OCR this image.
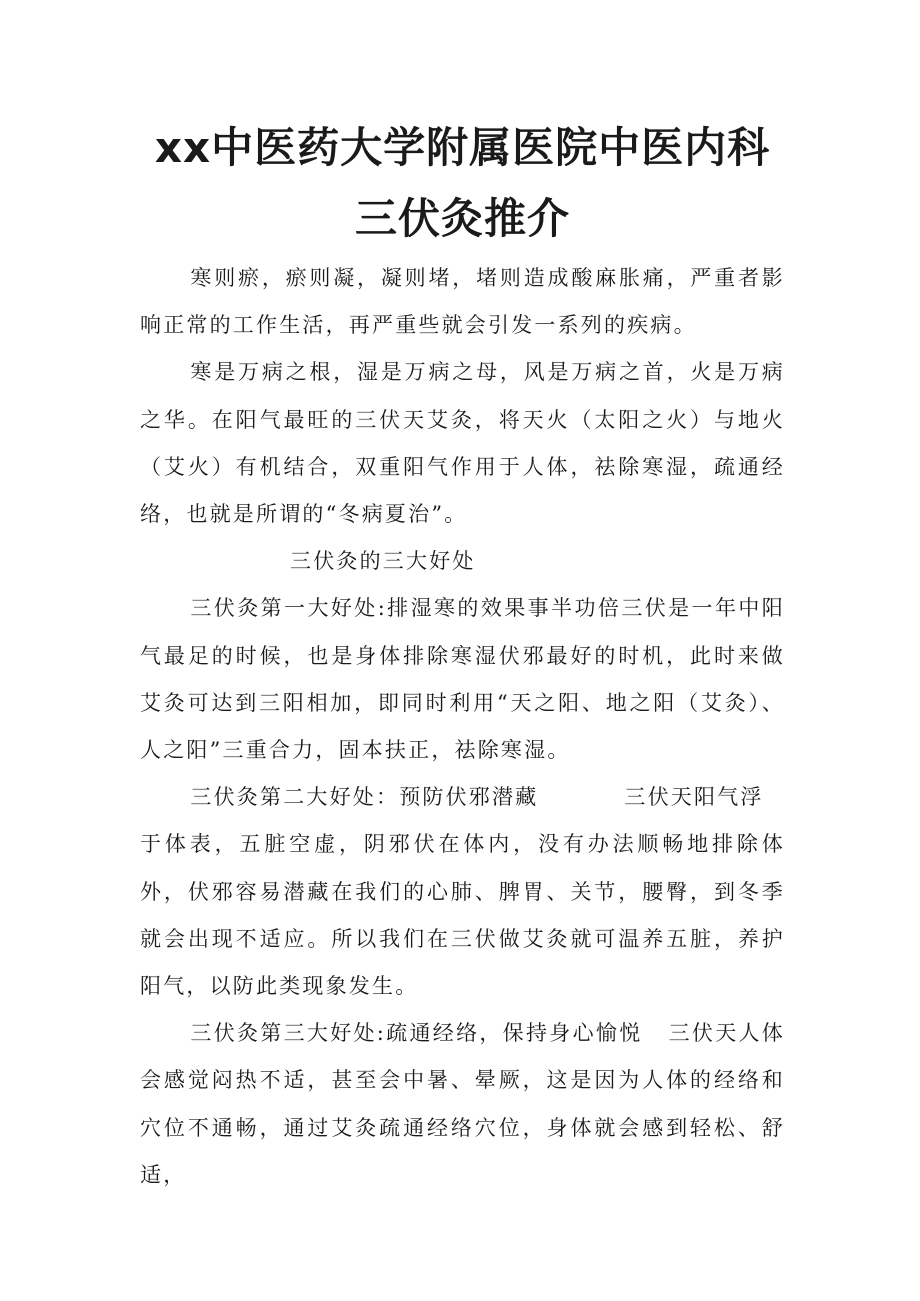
xx中医药大学附属医院中医内科
三伏灸推介

寒则瘀，瘀则凝，凝则堵，堵则造成酸麻胀痛，严重者影响正常的工作生活，再严重些就会引发一系列的疾病。

寒是万病之根，湿是万病之母，风是万病之首，火是万病之华。在阳气最旺的三伏天艾灸，将天火（太阳之火）与地火（艾火）有机结合，双重阳气作用于人体，祛除寒湿，疏通经络，也就是所谓的“冬病夏治”。

三伏灸的三大好处

三伏灸第一大好处:排湿寒的效果事半功倍三伏是一年中阳气最足的时候，也是身体排除寒湿伏邪最好的时机，此时来做艾灸可达到三阳相加，即同时利用“天之阳、地之阳（艾灸）、人之阳”三重合力，固本扶正，祛除寒湿。

三伏灸第二大好处：预防伏邪潜藏	三伏天阳气浮

于体表，五脏空虚，阴邪伏在体内，没有办法顺畅地排除体外，伏邪容易潜藏在我们的心肺、脾胃、关节，腰臀，到冬季就会出现不适应。所以我们在三伏做艾灸就可温养五脏，养护阳气，以防此类现象发生。

三伏灸第三大好处:疏通经络，保持身心愉悦 三伏天人体会感觉闷热不适，甚至会中暑、晕厥，这是因为人体的经络和穴位不通畅，通过艾灸疏通经络穴位，身体就会感到轻松、舒适，
